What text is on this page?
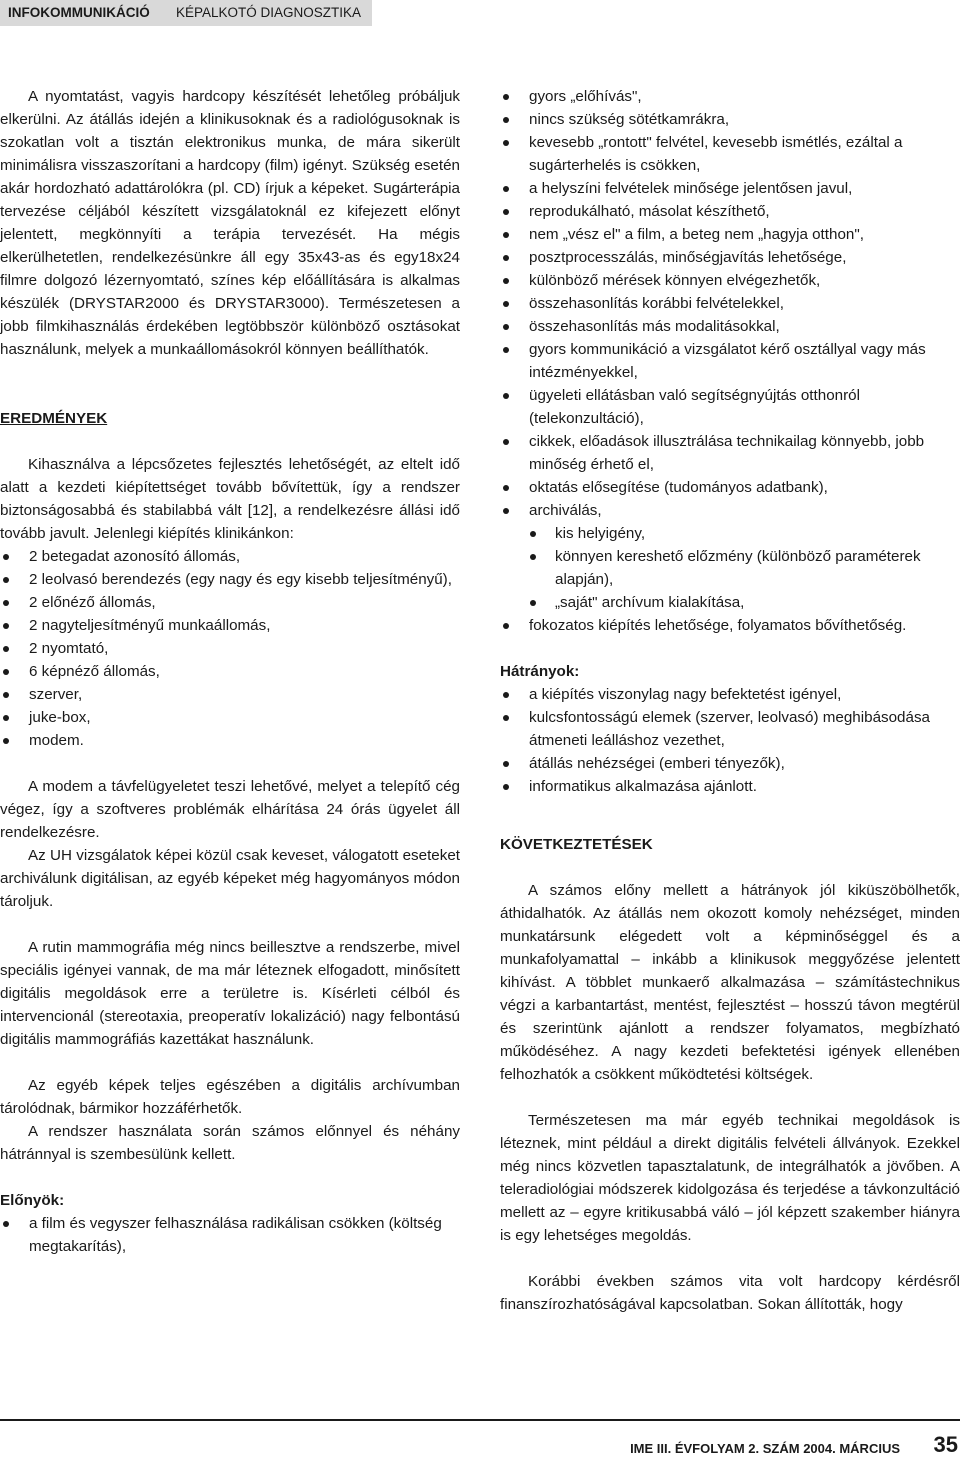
INFOKOMMUNIKÁCIÓ KÉPALKOTÓ DIAGNOSZTIKA

A nyomtatást, vagyis hardcopy készítését lehetőleg próbáljuk elkerülni. Az átállás idején a klinikusoknak és a radiológusoknak is szokatlan volt a tisztán elektronikus munka, de mára sikerült minimálisra visszaszorítani a hardcopy (film) igényt. Szükség esetén akár hordozható adattárolókra (pl. CD) írjuk a képeket. Sugárterápia tervezése céljából készített vizsgálatoknál ez kifejezett előnyt jelentett, megkönnyíti a terápia tervezését. Ha mégis elkerülhetetlen, rendelkezésünkre áll egy 35x43-as és egy18x24 filmre dolgozó lézernyomtató, színes kép előállítására is alkalmas készülék (DRYSTAR2000 és DRYSTAR3000). Természetesen a jobb filmkihasználás érdekében legtöbbször különböző osztásokat használunk, melyek a munkaállomásokról könnyen beállíthatók.

EREDMÉNYEK

Kihasználva a lépcsőzetes fejlesztés lehetőségét, az eltelt idő alatt a kezdeti kiépítettséget tovább bővítettük, így a rendszer biztonságosabbá és stabilabbá vált [12], a rendelkezésre állási idő tovább javult. Jelenlegi kiépítés klinikánkon:

2 betegadat azonosító állomás,
2 leolvasó berendezés (egy nagy és egy kisebb teljesítményű),
2 előnéző állomás,
2 nagyteljesítményű munkaállomás,
2 nyomtató,
6 képnéző állomás,
szerver,
juke-box,
modem.

A modem a távfelügyeletet teszi lehetővé, melyet a telepítő cég végez, így a szoftveres problémák elhárítása 24 órás ügyelet áll rendelkezésre.

Az UH vizsgálatok képei közül csak keveset, válogatott eseteket archiválunk digitálisan, az egyéb képeket még hagyományos módon tároljuk.

A rutin mammográfia még nincs beillesztve a rendszerbe, mivel speciális igényei vannak, de ma már léteznek elfogadott, minősített digitális megoldások erre a területre is. Kísérleti célból és intervencionál (stereotaxia, preoperatív lokalizáció) nagy felbontású digitális mammográfiás kazettákat használunk.

Az egyéb képek teljes egészében a digitális archívumban tárolódnak, bármikor hozzáférhetők.

A rendszer használata során számos előnnyel és néhány hátránnyal is szembesülünk kellett.

Előnyök:

a film és vegyszer felhasználása radikálisan csökken (költség megtakarítás),
gyors „előhívás",
nincs szükség sötétkamrákra,
kevesebb „rontott" felvétel, kevesebb ismétlés, ezáltal a sugárterhelés is csökken,
a helyszíni felvételek minősége jelentősen javul,
reprodukálható, másolat készíthető,
nem „vész el" a film, a beteg nem „hagyja otthon",
posztprocesszálás, minőségjavítás lehetősége,
különböző mérések könnyen elvégezhetők,
összehasonlítás korábbi felvételekkel,
összehasonlítás más modalitásokkal,
gyors kommunikáció a vizsgálatot kérő osztállyal vagy más intézményekkel,
ügyeleti ellátásban való segítségnyújtás otthonról (telekonzultáció),
cikkek, előadások illusztrálása technikailag könnyebb, jobb minőség érhető el,
oktatás elősegítése (tudományos adatbank),
archiválás,
kis helyigény,
könnyen kereshető előzmény (különböző paraméterek alapján),
„saját" archívum kialakítása,
fokozatos kiépítés lehetősége, folyamatos bővíthetőség.

Hátrányok:

a kiépítés viszonylag nagy befektetést igényel,
kulcsfontosságú elemek (szerver, leolvasó) meghibásodása átmeneti leálláshoz vezethet,
átállás nehézségei (emberi tényezők),
informatikus alkalmazása ajánlott.

KÖVETKEZTETÉSEK

A számos előny mellett a hátrányok jól kiküszöbölhetők, áthidalhatók. Az átállás nem okozott komoly nehézséget, minden munkatársunk elégedett volt a képminőséggel és a munkafolyamattal – inkább a klinikusok meggyőzése jelentett kihívást. A többlet munkaerő alkalmazása – számítástechnikus végzi a karbantartást, mentést, fejlesztést – hosszú távon megtérül és szerintünk ajánlott a rendszer folyamatos, megbízható működéséhez. A nagy kezdeti befektetési igények ellenében felhozhatók a csökkent működtetési költségek.

Természetesen ma már egyéb technikai megoldások is léteznek, mint például a direkt digitális felvételi állványok. Ezekkel még nincs közvetlen tapasztalatunk, de integrálhatók a jövőben. A teleradiológiai módszerek kidolgozása és terjedése a távkonzultáció mellett az – egyre kritikusabbá váló – jól képzett szakember hiányra is egy lehetséges megoldás.

Korábbi években számos vita volt hardcopy kérdésről finanszírozhatóságával kapcsolatban. Sokan állították, hogy

IME III. ÉVFOLYAM 2. SZÁM 2004. MÁRCIUS 35
